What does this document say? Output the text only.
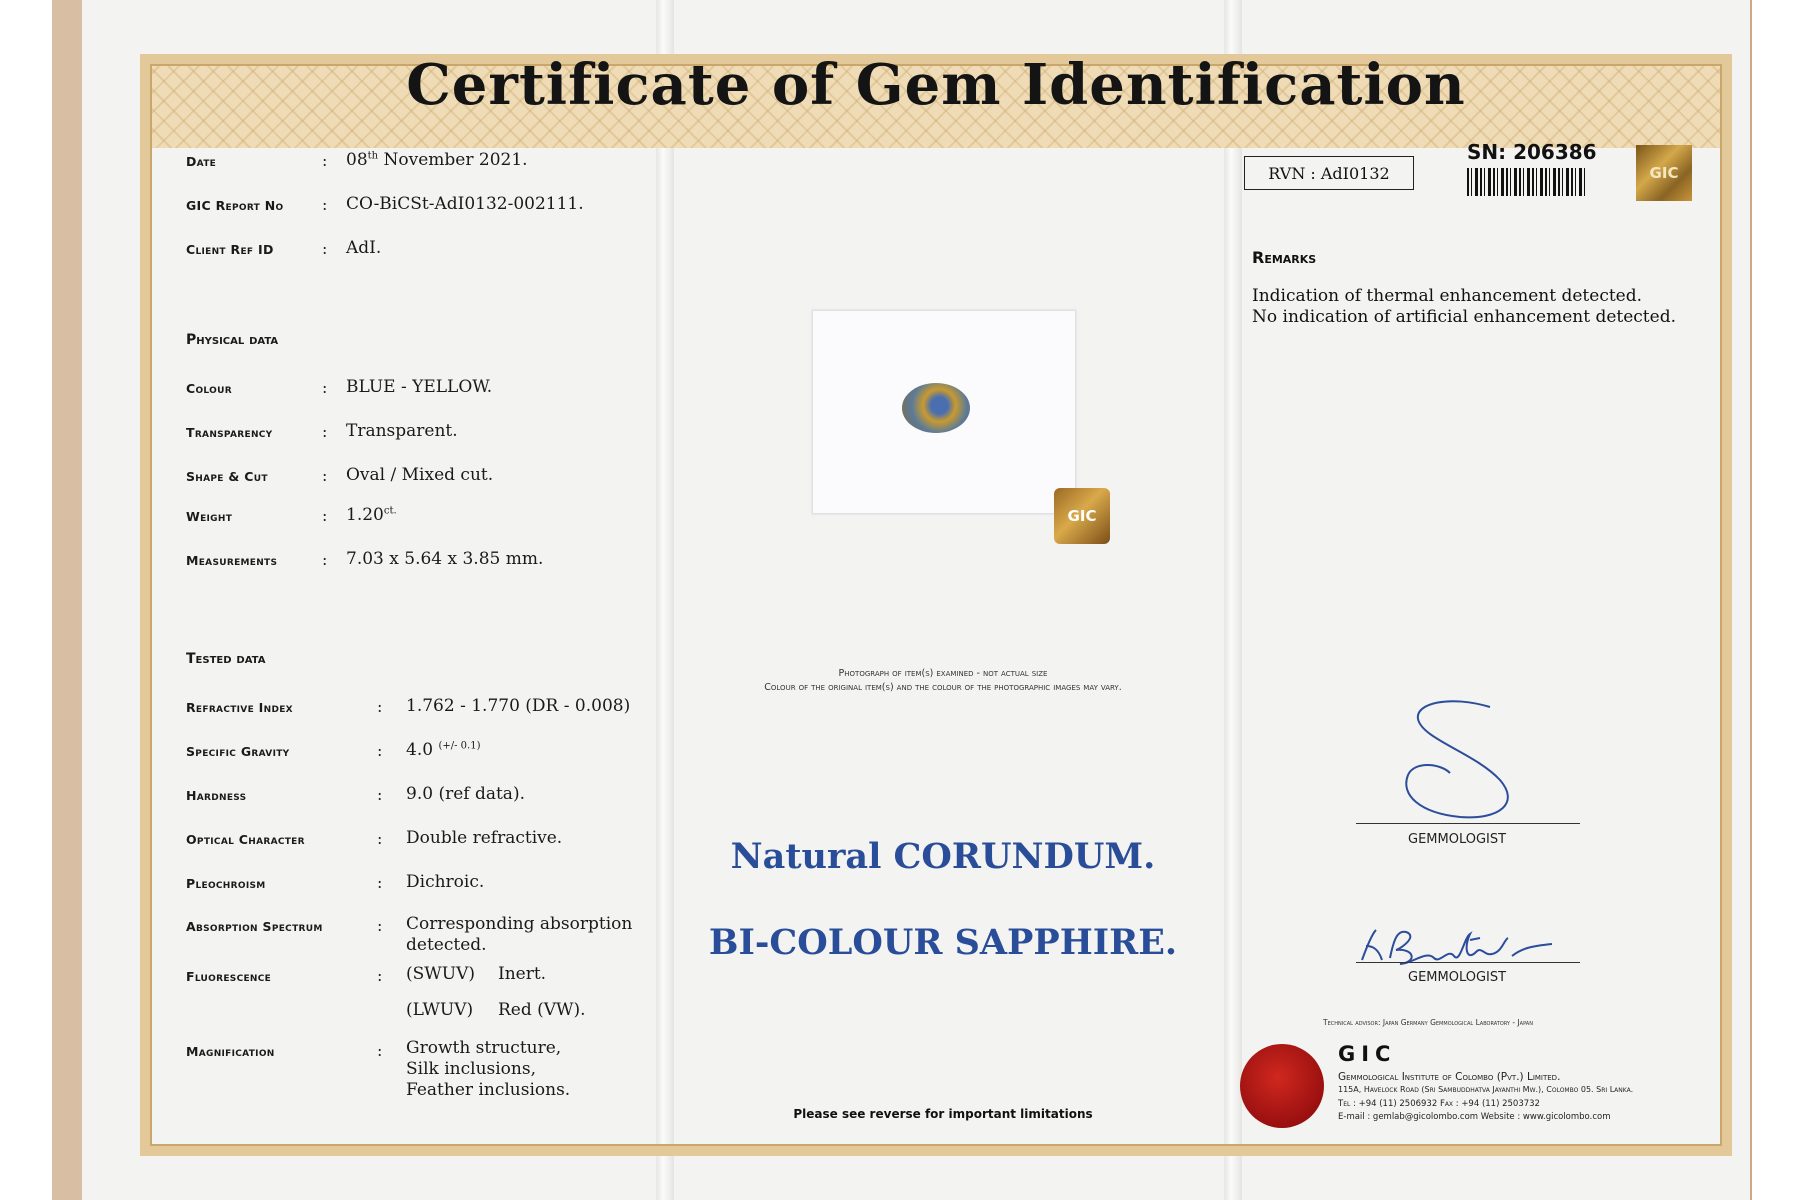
Certificate of Gem Identification
Date	: 08th November 2021.
GIC Report No : CO-BiCSt-AdI0132-002111.
Client Ref ID	: AdI.
Physical data
Colour	: BLUE - YELLOW.
Transparency	: Transparent.
Shape & Cut	: Oval / Mixed cut.
Weight	: $1.20^{ct.}$
Measurements	: 7.03 x 5.64 x 3.85 mm.
Tested data
Refractive Index	: 1.762 - 1.770 (DR - 0.008)
Specific Gravity	: 4.0 $^{(+/- 0.1)}$
Hardness	: 9.0 (ref data).
Optical Character	: Double refractive.
Pleochroism	: Dichroic.
Absorption Spectrum	: Corresponding absorption
detected.
Fluorescence	: (SWUV) Inert.
(LWUV) Red (VW).
Magnification	: Growth structure,
Silk inclusions,
Feather inclusions.
GIC
Photograph of item(s) examined - not actual size
Colour of the original item(s) and the colour of the photographic images may vary.
Natural CORUNDUM.
BI-COLOUR SAPPHIRE.
Please see reverse for important limitations
RVN : AdI0132
SN: 206386
GIC
Remarks
Indication of thermal enhancement detected.
No indication of artificial enhancement detected.
GEMMOLOGIST
GEMMOLOGIST
Technical advisor: Japan Germany Gemmological Laboratory - Japan
GIC
Gemmological Institute of Colombo (Pvt.) Limited.
115A, Havelock Road (Sri Sambuddhatva Jayanthi Mw.), Colombo 05. Sri Lanka.
Tel : +94 (11) 2506932 Fax : +94 (11) 2503732
E-mail : gemlab@gicolombo.com Website : www.gicolombo.com
